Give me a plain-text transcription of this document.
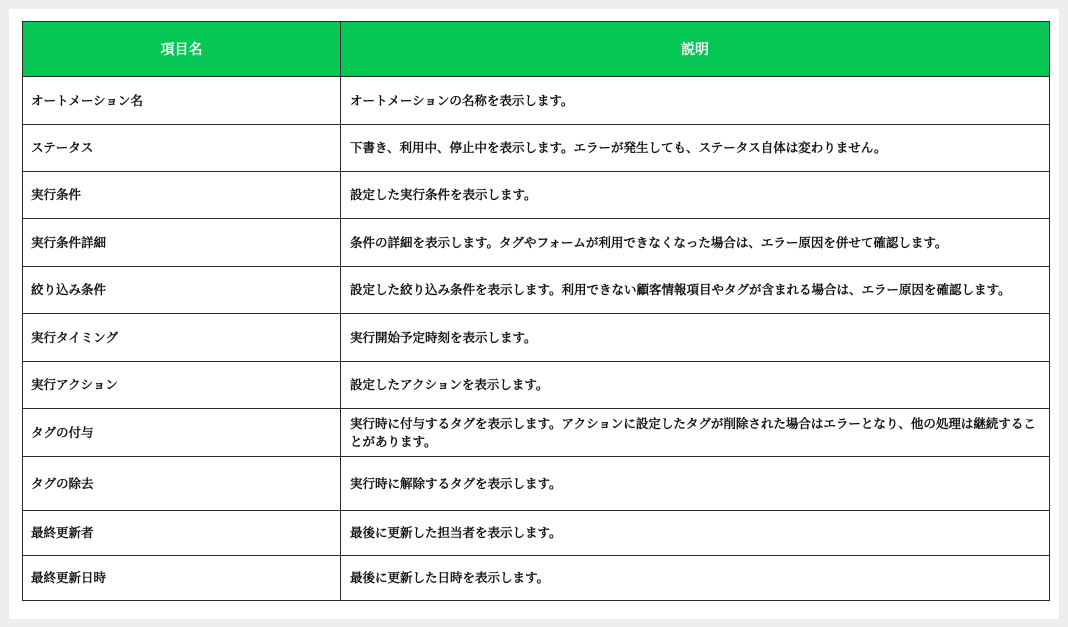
項目名	説明
オートメーション名	オートメーションの名称を表示します。
ステータス	下書き、利用中、停止中を表示します。エラーが発生しても、ステータス自体は変わりません。
実行条件	設定した実行条件を表示します。
実行条件詳細	条件の詳細を表示します。タグやフォームが利用できなくなった場合は、エラー原因を併せて確認します。
絞り込み条件	設定した絞り込み条件を表示します。利用できない顧客情報項目やタグが含まれる場合は、エラー原因を確認します。
実行タイミング	実行開始予定時刻を表示します。
実行アクション	設定したアクションを表示します。
タグの付与	実行時に付与するタグを表示します。アクションに設定したタグが削除された場合はエラーとなり、他の処理は継続することがあります。
タグの除去	実行時に解除するタグを表示します。
最終更新者	最後に更新した担当者を表示します。
最終更新日時	最後に更新した日時を表示します。
